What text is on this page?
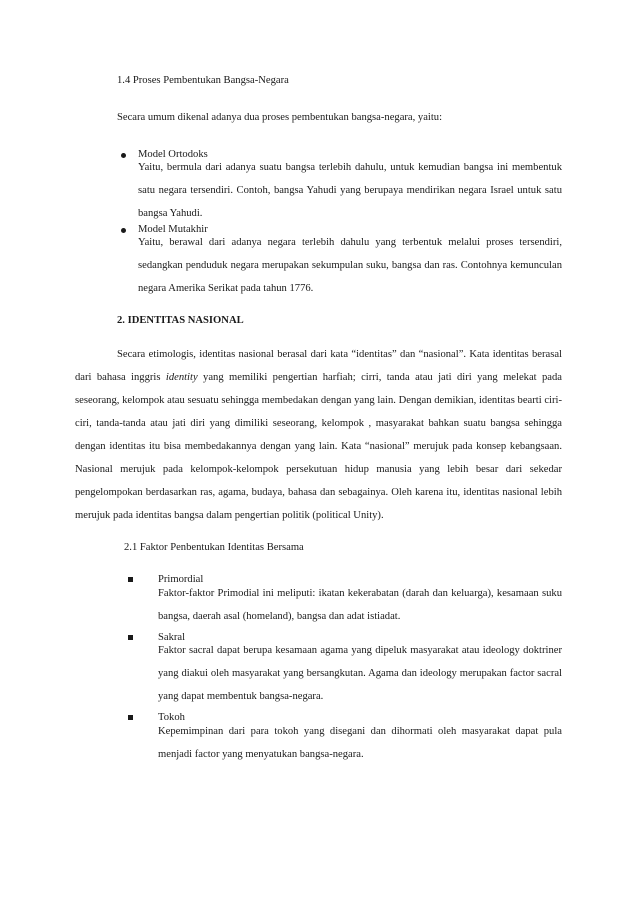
1.4 Proses Pembentukan Bangsa-Negara
Secara umum dikenal adanya dua proses pembentukan bangsa-negara, yaitu:
Model Ortodoks
Yaitu, bermula dari adanya suatu bangsa terlebih dahulu, untuk kemudian bangsa ini membentuk satu negara tersendiri. Contoh, bangsa Yahudi yang berupaya mendirikan negara Israel untuk satu bangsa Yahudi.
Model Mutakhir
Yaitu, berawal dari adanya negara terlebih dahulu yang terbentuk melalui proses tersendiri, sedangkan penduduk negara merupakan sekumpulan suku, bangsa dan ras. Contohnya kemunculan negara Amerika Serikat pada tahun 1776.
2. IDENTITAS NASIONAL
Secara etimologis, identitas nasional berasal dari kata “identitas” dan “nasional”. Kata identitas berasal dari bahasa inggris identity yang memiliki pengertian harfiah; cirri, tanda atau jati diri yang melekat pada seseorang, kelompok atau sesuatu sehingga membedakan dengan yang lain. Dengan demikian, identitas bearti ciri-ciri, tanda-tanda atau jati diri yang dimiliki seseorang, kelompok , masyarakat bahkan suatu bangsa sehingga dengan identitas itu bisa membedakannya dengan yang lain. Kata “nasional” merujuk pada konsep kebangsaan. Nasional merujuk pada kelompok-kelompok persekutuan hidup manusia yang lebih besar dari sekedar pengelompokan berdasarkan ras, agama, budaya, bahasa dan sebagainya. Oleh karena itu, identitas nasional lebih merujuk pada identitas bangsa dalam pengertian politik (political Unity).
2.1 Faktor Penbentukan Identitas Bersama
Primordial
Faktor-faktor Primodial ini meliputi: ikatan kekerabatan (darah dan keluarga), kesamaan suku bangsa, daerah asal (homeland), bangsa dan adat istiadat.
Sakral
Faktor sacral dapat berupa kesamaan agama yang dipeluk masyarakat atau ideology doktriner yang diakui oleh masyarakat yang bersangkutan. Agama dan ideology merupakan factor sacral yang dapat membentuk bangsa-negara.
Tokoh
Kepemimpinan dari para tokoh yang disegani dan dihormati oleh masyarakat dapat pula menjadi factor yang menyatukan bangsa-negara.
